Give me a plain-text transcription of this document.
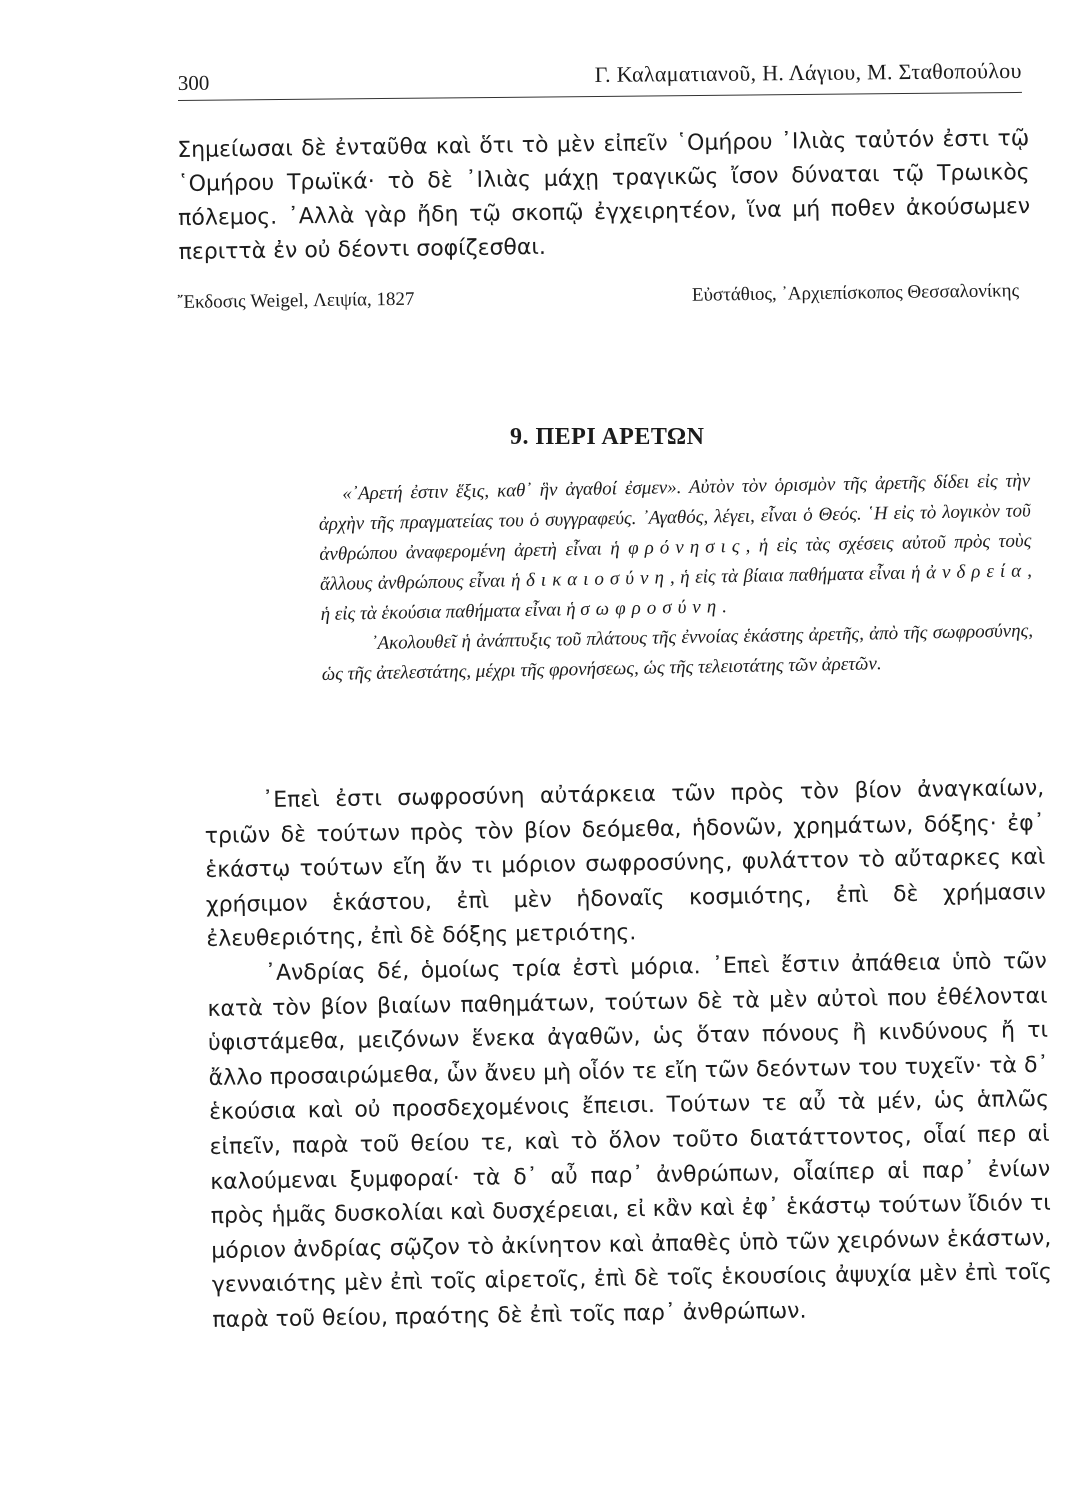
300	Γ. Καλαματιανοῦ, Η. Λάγιου, Μ. Σταθοπούλου

Σημείωσαι δὲ ἐνταῦθα καὶ ὅτι τὸ μὲν εἰπεῖν ῾Ομήρου ᾿Ιλιὰς ταὐτόν ἐστι τῷ ῾Ομήρου Τρωϊκά· τὸ δὲ ᾿Ιλιὰς μάχῃ τραγικῶς ἴσον δύναται τῷ Τρωικὸς πόλεμος. ᾿Αλλὰ γὰρ ἤδη τῷ σκοπῷ ἐγχειρητέον, ἵνα μή ποθεν ἀκούσωμεν περιττὰ ἐν οὐ δέοντι σοφίζεσθαι.

῎Εκδοσις Weigel, Λειψία, 1827	Εὐστάθιος, ᾿Αρχιεπίσκοπος Θεσσαλονίκης
9. ΠΕΡΙ ΑΡΕΤΩΝ

«᾿Αρετή ἐστιν ἕξις, καθ᾿ ἣν ἀγαθοί ἐσμεν». Αὐτὸν τὸν ὁρισμὸν τῆς ἀρετῆς δίδει εἰς τὴν ἀρχὴν τῆς πραγματείας του ὁ συγγραφεύς. ᾿Αγαθός, λέγει, εἶναι ὁ Θεός. ῾Η εἰς τὸ λογικὸν τοῦ ἀνθρώπου ἀναφερομένη ἀρετὴ εἶναι ἡ φρόνησις, ἡ εἰς τὰς σχέσεις αὐτοῦ πρὸς τοὺς ἄλλους ἀνθρώπους εἶναι ἡ δικαιοσύνη, ἡ εἰς τὰ βίαια παθήματα εἶναι ἡ ἀνδρεία, ἡ εἰς τὰ ἑκούσια παθήματα εἶναι ἡ σωφροσύνη.

᾿Ακολουθεῖ ἡ ἀνάπτυξις τοῦ πλάτους τῆς ἐννοίας ἑκάστης ἀρετῆς, ἀπὸ τῆς σωφροσύνης, ὡς τῆς ἀτελεστάτης, μέχρι τῆς φρονήσεως, ὡς τῆς τελειοτάτης τῶν ἀρετῶν.

᾿Επεὶ ἐστι σωφροσύνη αὐτάρκεια τῶν πρὸς τὸν βίον ἀναγκαίων, τριῶν δὲ τούτων πρὸς τὸν βίον δεόμεθα, ἡδονῶν, χρημάτων, δόξης· ἐφ᾿ ἑκάστῳ τούτων εἴη ἄν τι μόριον σωφροσύνης, φυλάττον τὸ αὔταρκες καὶ χρήσιμον ἑκάστου, ἐπὶ μὲν ἡδοναῖς κοσμιότης, ἐπὶ δὲ χρήμασιν ἐλευθεριότης, ἐπὶ δὲ δόξης μετριότης.

᾿Ανδρίας δέ, ὁμοίως τρία ἐστὶ μόρια. ᾿Επεὶ ἔστιν ἀπάθεια ὑπὸ τῶν κατὰ τὸν βίον βιαίων παθημάτων, τούτων δὲ τὰ μὲν αὐτοὶ που ἐθέλονται ὑφιστάμεθα, μειζόνων ἕνεκα ἀγαθῶν, ὡς ὅταν πόνους ἢ κινδύνους ἤ τι ἄλλο προσαιρώμεθα, ὧν ἄνευ μὴ οἷόν τε εἴη τῶν δεόντων του τυχεῖν· τὰ δ᾿ ἑκούσια καὶ οὐ προσδεχομένοις ἔπεισι. Τούτων τε αὖ τὰ μέν, ὡς ἁπλῶς εἰπεῖν, παρὰ τοῦ θείου τε, καὶ τὸ ὅλον τοῦτο διατάττοντος, οἷαί περ αἱ καλούμεναι ξυμφοραί· τὰ δ᾿ αὖ παρ᾿ ἀνθρώπων, οἷαίπερ αἱ παρ᾿ ἐνίων πρὸς ἡμᾶς δυσκολίαι καὶ δυσχέρειαι, εἰ κἂν καὶ ἐφ᾿ ἑκάστῳ τούτων ἴδιόν τι μόριον ἀνδρίας σῷζον τὸ ἀκίνητον καὶ ἀπαθὲς ὑπὸ τῶν χειρόνων ἑκάστων, γενναιότης μὲν ἐπὶ τοῖς αἱρετοῖς, ἐπὶ δὲ τοῖς ἑκουσίοις ἀψυχία μὲν ἐπὶ τοῖς παρὰ τοῦ θείου, πραότης δὲ ἐπὶ τοῖς παρ᾿ ἀνθρώπων.
